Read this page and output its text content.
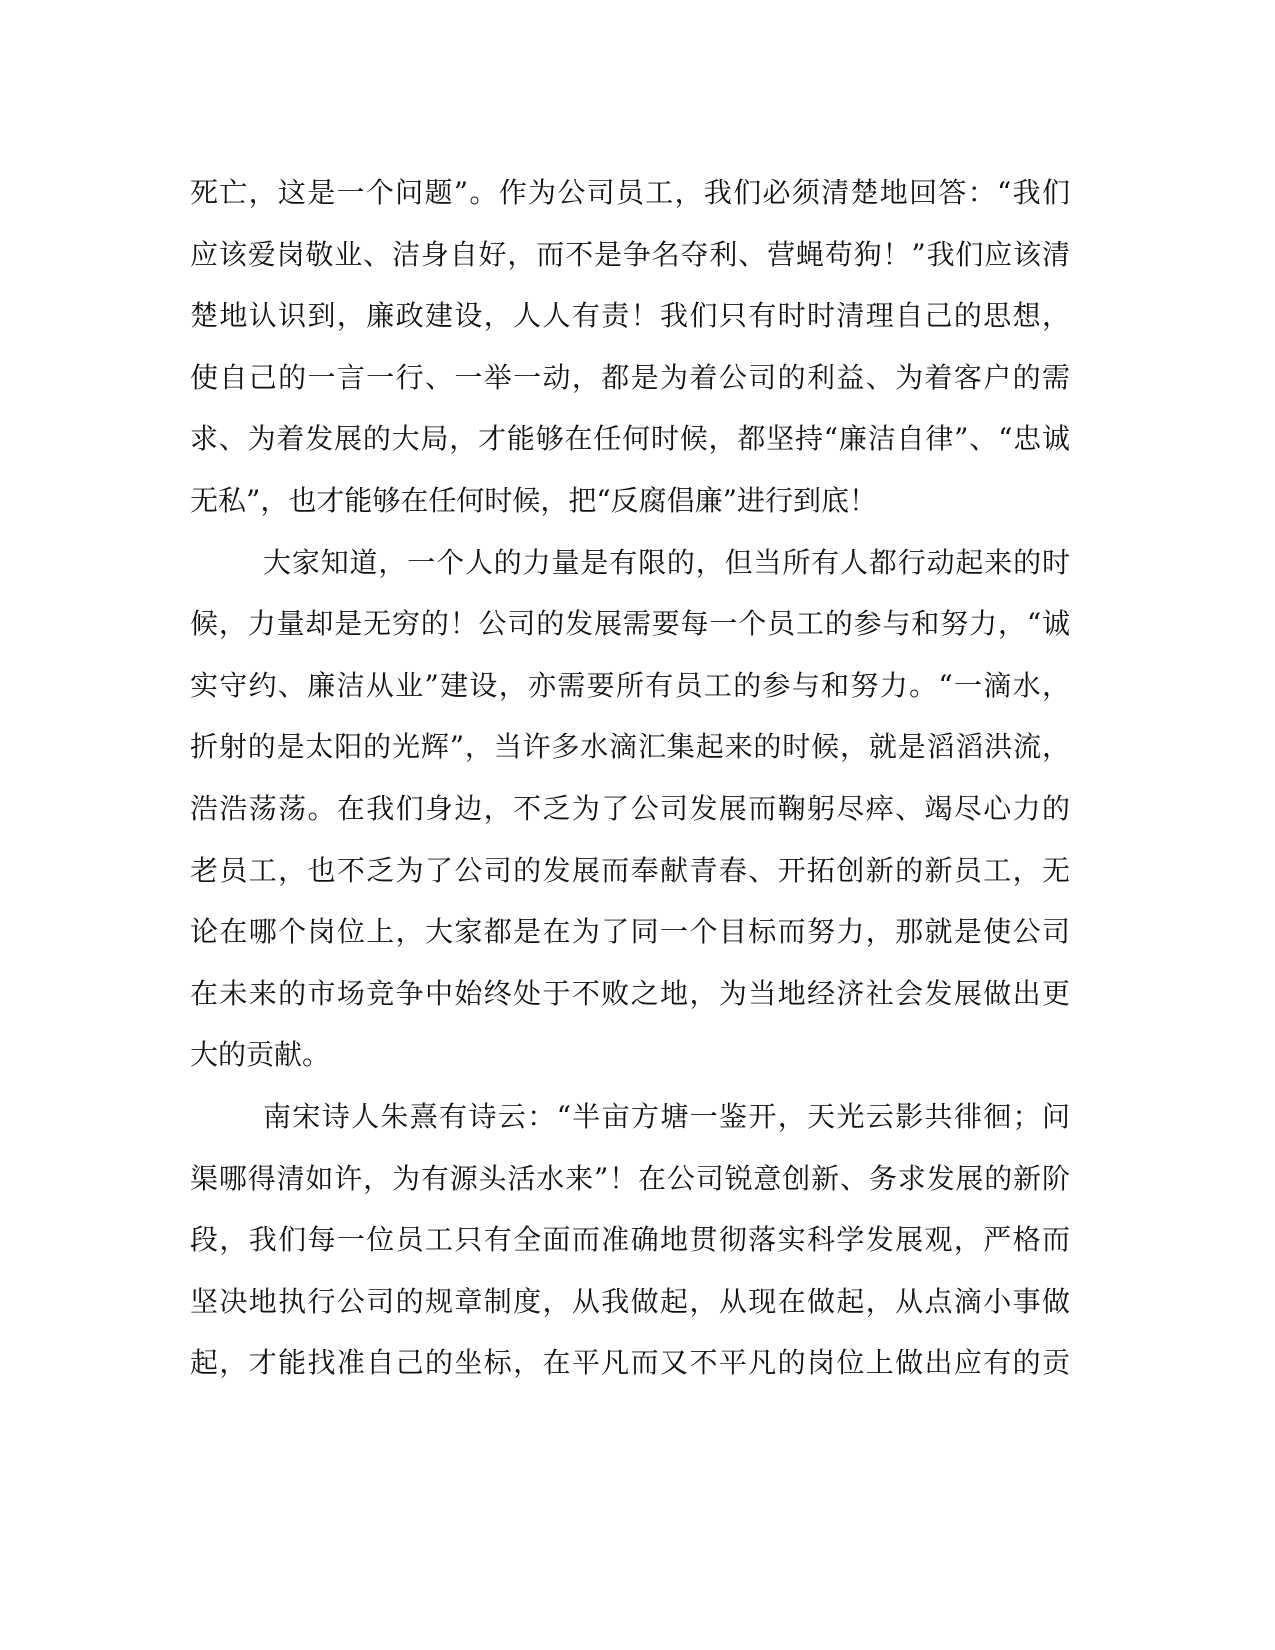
死亡，这是一个问题”。作为公司员工，我们必须清楚地回答：“我们
应该爱岗敬业、洁身自好，而不是争名夺利、营蝇苟狗！”我们应该清
楚地认识到，廉政建设，人人有责！我们只有时时清理自己的思想，
使自己的一言一行、一举一动，都是为着公司的利益、为着客户的需
求、为着发展的大局，才能够在任何时候，都坚持“廉洁自律”、“忠诚
无私”，也才能够在任何时候，把“反腐倡廉”进行到底！
大家知道，一个人的力量是有限的，但当所有人都行动起来的时
候，力量却是无穷的！公司的发展需要每一个员工的参与和努力，“诚
实守约、廉洁从业”建设，亦需要所有员工的参与和努力。“一滴水，
折射的是太阳的光辉”，当许多水滴汇集起来的时候，就是滔滔洪流，
浩浩荡荡。在我们身边，不乏为了公司发展而鞠躬尽瘁、竭尽心力的
老员工，也不乏为了公司的发展而奉献青春、开拓创新的新员工，无
论在哪个岗位上，大家都是在为了同一个目标而努力，那就是使公司
在未来的市场竞争中始终处于不败之地，为当地经济社会发展做出更
大的贡献。
南宋诗人朱熹有诗云：“半亩方塘一鉴开，天光云影共徘徊；问
渠哪得清如许，为有源头活水来”！在公司锐意创新、务求发展的新阶
段，我们每一位员工只有全面而准确地贯彻落实科学发展观，严格而
坚决地执行公司的规章制度，从我做起，从现在做起，从点滴小事做
起，才能找准自己的坐标，在平凡而又不平凡的岗位上做出应有的贡
